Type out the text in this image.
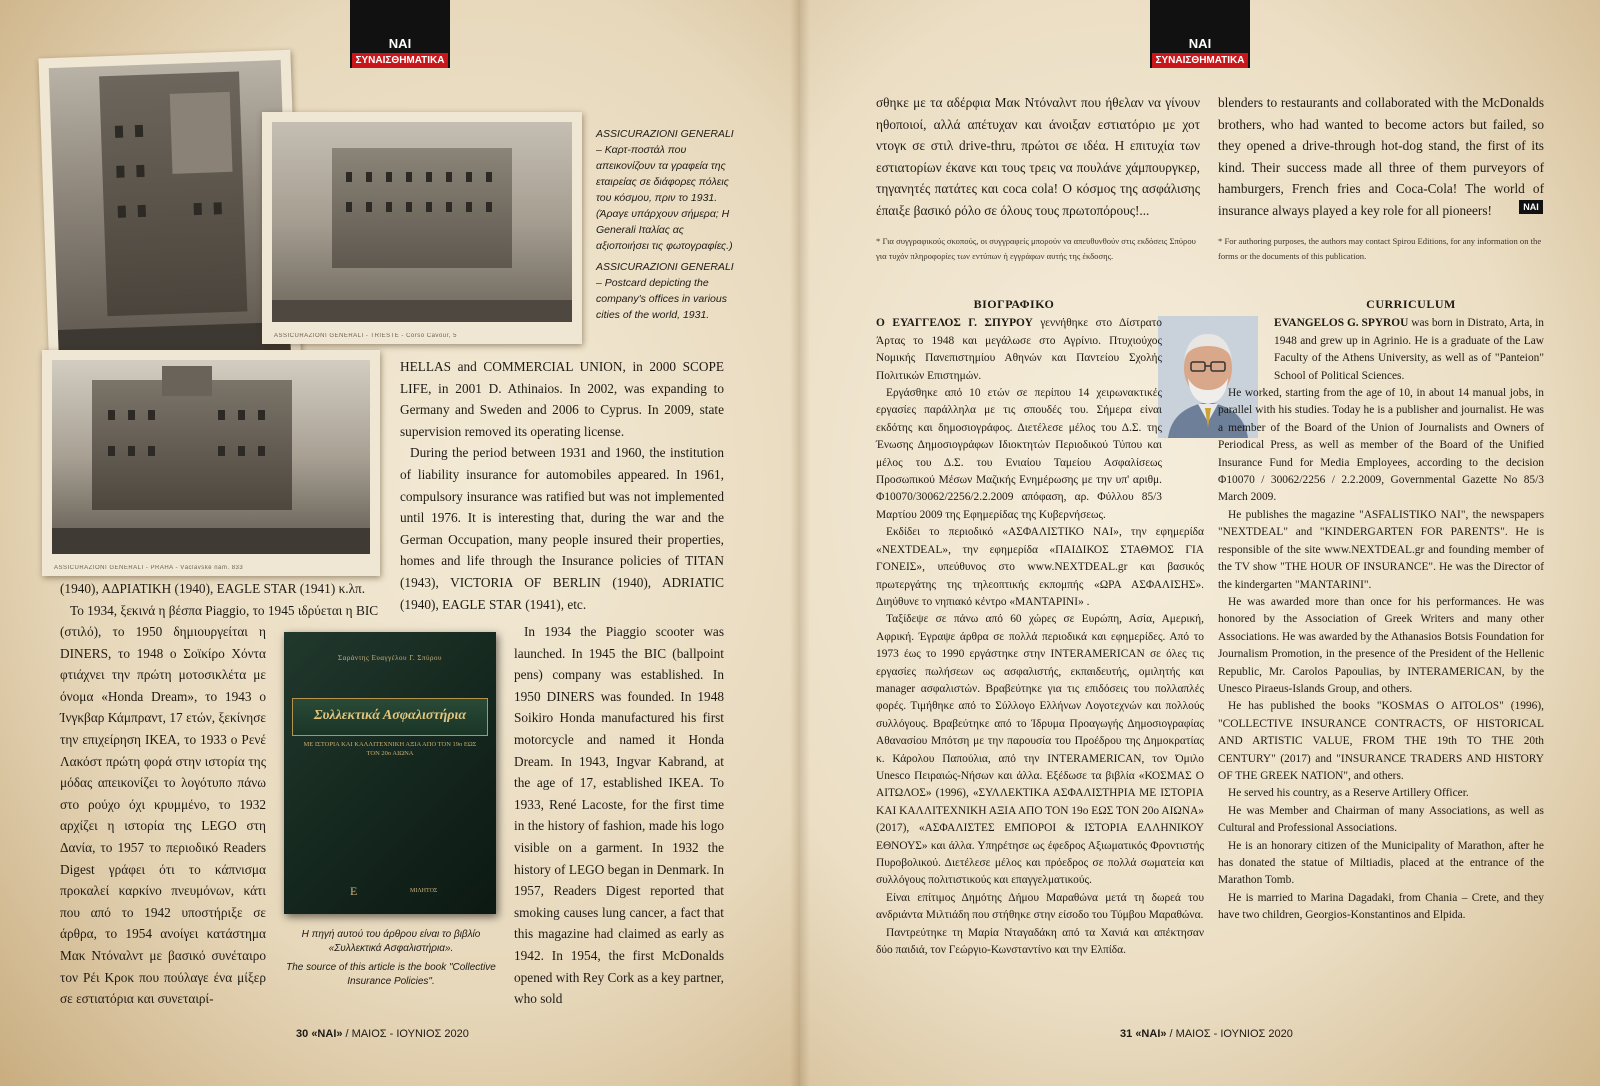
NAI
ΣΥΝΑΙΣΘΗΜΑΤΙΚΑ
ASSICURAZIONI GENERALI - TRIESTE - Corso Cavour, 5
ASSICURAZIONI GENERALI - PRAHA - Václavské nám. 833

ASSICURAZIONI GENERALI – Καρτ-ποστάλ που απεικονίζουν τα γραφεία της εταιρείας σε διάφορες πόλεις του κόσμου, πριν το 1931. (Άραγε υπάρχουν σήμερα; Η Generali Ιταλίας ας αξιοποιήσει τις φωτογραφίες.)

ASSICURAZIONI GENERALI – Postcard depicting the company's offices in various cities of the world, 1931.

HELLAS and COMMERCIAL UNION, in 2000 SCOPE LIFE, in 2001 D. Athinaios. In 2002, was expanding to Germany and Sweden and 2006 to Cyprus. In 2009, state supervision removed its operating license.

During the period between 1931 and 1960, the institution of liability insurance for automobiles appeared. In 1961, compulsory insurance was ratified but was not implemented until 1976. It is interesting that, during the war and the German Occupation, many people insured their properties, homes and life through the Insurance policies of TITAN (1943), VICTORIA OF BERLIN (1940), ADRIATIC (1940), EAGLE STAR (1941), etc.

(1940), ΑΔΡΙΑΤΙΚΗ (1940), EAGLE STAR (1941) κ.λπ.

Το 1934, ξεκινά η βέσπα Piaggio, το 1945 ιδρύεται η BIC

(στιλό), το 1950 δημιουργείται η DINERS, το 1948 ο Σοϊκίρο Χόντα φτιάχνει την πρώτη μοτοσικλέτα με όνομα «Honda Dream», το 1943 ο Ίνγκβαρ Κάμπραντ, 17 ετών, ξεκίνησε την επιχείρηση ΙΚΕΑ, το 1933 ο Ρενέ Λακόστ πρώτη φορά στην ιστορία της μόδας απεικονίζει το λογότυπο πάνω στο ρούχο όχι κρυμμένο, το 1932 αρχίζει η ιστορία της LEGO στη Δανία, το 1957 το περιοδικό Readers Digest γράφει ότι το κάπνισμα προκαλεί καρκίνο πνευμόνων, κάτι που από το 1942 υποστήριξε σε άρθρα, το 1954 ανοίγει κατάστημα Μακ Ντόναλντ με βασικό συνέταιρο τον Ρέι Κροκ που πούλαγε ένα μίξερ σε εστιατόρια και συνεταιρί-

Σαράντης Ευαγγέλου Γ. Σπύρου
Συλλεκτικά Ασφαλιστήρια
ΜΕ ΙΣΤΟΡΙΑ ΚΑΙ ΚΑΛΛΙΤΕΧΝΙΚΗ ΑΞΙΑ ΑΠΟ ΤΟΝ 19ο ΕΩΣ ΤΟΝ 20ο ΑΙΩΝΑ
Ε	ΜΙΛΗΤΟΣ

Η πηγή αυτού του άρθρου είναι το βιβλίο «Συλλεκτικά Ασφαλιστήρια».

The source of this article is the book "Collective Insurance Policies".

In 1934 the Piaggio scooter was launched. In 1945 the BIC (ballpoint pens) company was established. In 1950 DINERS was founded. In 1948 Soikiro Honda manufactured his first motorcycle and named it Honda Dream. In 1943, Ingvar Kabrand, at the age of 17, established IKEA. To 1933, René Lacoste, for the first time in the history of fashion, made his logo visible on a garment. In 1932 the history of LEGO began in Denmark. In 1957, Readers Digest reported that smoking causes lung cancer, a fact that this magazine had claimed as early as 1942. In 1954, the first McDonalds opened with Rey Cork as a key partner, who sold

30 «NAI» / ΜΑΙΟΣ - ΙΟΥΝΙΟΣ 2020
NAI
ΣΥΝΑΙΣΘΗΜΑΤΙΚΑ
31 «NAI» / ΜΑΙΟΣ - ΙΟΥΝΙΟΣ 2020

σθηκε με τα αδέρφια Μακ Ντόναλντ που ήθελαν να γίνουν ηθοποιοί, αλλά απέτυχαν και άνοιξαν εστιατόριο με χοτ ντογκ σε στιλ drive-thru, πρώτοι σε ιδέα. Η επιτυχία των εστιατορίων έκανε και τους τρεις να πουλάνε χάμπουργκερ, τηγανητές πατάτες και coca cola! Ο κόσμος της ασφάλισης έπαιξε βασικό ρόλο σε όλους τους πρωτοπόρους!...

blenders to restaurants and collaborated with the McDonalds brothers, who had wanted to become actors but failed, so they opened a drive-through hot-dog stand, the first of its kind. Their success made all three of them purveyors of hamburgers, French fries and Coca-Cola! The world of insurance always played a key role for all pioneers!	NAI
* Για συγγραφικούς σκοπούς, οι συγγραφείς μπορούν να απευθυνθούν στις εκδόσεις Σπύρου για τυχόν πληροφορίες των εντύπων ή εγγράφων αυτής της έκδοσης.
* For authoring purposes, the authors may contact Spirou Editions, for any information on the forms or the documents of this publication.
ΒΙΟΓΡΑΦΙΚΟ

Ο ΕΥΑΓΓΕΛΟΣ Γ. ΣΠΥΡΟΥ γεννήθηκε στο Δίστρατο Άρτας το 1948 και μεγάλωσε στο Αγρίνιο. Πτυχιούχος Νομικής Πανεπιστημίου Αθηνών και Παντείου Σχολής Πολιτικών Επιστημών.

Εργάσθηκε από 10 ετών σε περίπου 14 χειρωνακτικές εργασίες παράλληλα με τις σπουδές του. Σήμερα είναι εκδότης και δημοσιογράφος. Διετέλεσε μέλος του Δ.Σ. της Ένωσης Δημοσιογράφων Ιδιοκτητών Περιοδικού Τύπου και μέλος του Δ.Σ. του Ενιαίου Ταμείου Ασφαλίσεως Προσωπικού Μέσων Μαζικής Ενημέρωσης με την υπ' αριθμ. Φ10070/30062/2256/2.2.2009 απόφαση, αρ. Φύλλου 85/3 Μαρτίου 2009 της Εφημερίδας της Κυβερνήσεως.

Εκδίδει το περιοδικό «ΑΣΦΑΛΙΣΤΙΚΟ ΝΑΙ», την εφημερίδα «NEXTDEAL», την εφημερίδα «ΠΑΙΔΙΚΟΣ ΣΤΑΘΜΟΣ ΓΙΑ ΓΟΝΕΙΣ», υπεύθυνος στο www.NEXTDEAL.gr και βασικός πρωτεργάτης της τηλεοπτικής εκπομπής «ΩΡΑ ΑΣΦΑΛΙΣΗΣ». Διηύθυνε το νηπιακό κέντρο «ΜΑΝΤΑΡΙΝΙ» .

Ταξίδεψε σε πάνω από 60 χώρες σε Ευρώπη, Ασία, Αμερική, Αφρική. Έγραψε άρθρα σε πολλά περιοδικά και εφημερίδες. Από το 1973 έως το 1990 εργάστηκε στην INTERAMERICAN σε όλες τις εργασίες πωλήσεων ως ασφαλιστής, εκπαιδευτής, ομιλητής και manager ασφαλιστών. Βραβεύτηκε για τις επιδόσεις του πολλαπλές φορές. Τιμήθηκε από το Σύλλογο Ελλήνων Λογοτεχνών και πολλούς συλλόγους. Βραβεύτηκε από το Ίδρυμα Προαγωγής Δημοσιογραφίας Αθανασίου Μπότση με την παρουσία του Προέδρου της Δημοκρατίας κ. Κάρολου Παπούλια, από την INTERAMERICAN, τον Όμιλο Unesco Πειραιώς-Νήσων και άλλα. Εξέδωσε τα βιβλία «ΚΟΣΜΑΣ Ο ΑΙΤΩΛΟΣ» (1996), «ΣΥΛΛΕΚΤΙΚΑ ΑΣΦΑΛΙΣΤΗΡΙΑ ΜΕ ΙΣΤΟΡΙΑ ΚΑΙ ΚΑΛΛΙΤΕΧΝΙΚΗ ΑΞΙΑ ΑΠΟ ΤΟΝ 19ο ΕΩΣ ΤΟΝ 20ο ΑΙΩΝΑ» (2017), «ΑΣΦΑΛΙΣΤΕΣ ΕΜΠΟΡΟΙ & ΙΣΤΟΡΙΑ ΕΛΛΗΝΙΚΟΥ ΕΘΝΟΥΣ» και άλλα. Υπηρέτησε ως έφεδρος Αξιωματικός Φροντιστής Πυροβολικού. Διετέλεσε μέλος και πρόεδρος σε πολλά σωματεία και συλλόγους πολιτιστικούς και επαγγελματικούς.

Είναι επίτιμος Δημότης Δήμου Μαραθώνα μετά τη δωρεά του ανδριάντα Μιλτιάδη που στήθηκε στην είσοδο του Τύμβου Μαραθώνα.

Παντρεύτηκε τη Μαρία Νταγαδάκη από τα Χανιά και απέκτησαν δύο παιδιά, τον Γεώργιο-Κωνσταντίνο και την Ελπίδα.

CURRICULUM

EVANGELOS G. SPYROU was born in Distrato, Arta, in 1948 and grew up in Agrinio. He is a graduate of the Law Faculty of the Athens University, as well as of "Panteion" School of Political Sciences.

He worked, starting from the age of 10, in about 14 manual jobs, in parallel with his studies. Today he is a publisher and journalist. He was a member of the Board of the Union of Journalists and Owners of Periodical Press, as well as member of the Board of the Unified Insurance Fund for Media Employees, according to the decision Φ10070 / 30062/2256 / 2.2.2009, Governmental Gazette No 85/3 March 2009.

He publishes the magazine "ASFALISTIKO NAI", the newspapers "NEXTDEAL" and "KINDERGARTEN FOR PARENTS". He is responsible of the site www.NEXTDEAL.gr and founding member of the TV show "THE HOUR OF INSURANCE". He was the Director of the kindergarten "MANTARINI".

He was awarded more than once for his performances. He was honored by the Association of Greek Writers and many other Associations. He was awarded by the Athanasios Botsis Foundation for Journalism Promotion, in the presence of the President of the Hellenic Republic, Mr. Carolos Papoulias, by INTERAMERICAN, by the Unesco Piraeus-Islands Group, and others.

He has published the books "KOSMAS O AITOLOS" (1996), "COLLECTIVE INSURANCE CONTRACTS, OF HISTORICAL AND ARTISTIC VALUE, FROM THE 19th TO THE 20th CENTURY" (2017) and "INSURANCE TRADERS AND HISTORY OF THE GREEK NATION", and others.

He served his country, as a Reserve Artillery Officer.

He was Member and Chairman of many Associations, as well as Cultural and Professional Associations.

He is an honorary citizen of the Municipality of Marathon, after he has donated the statue of Miltiadis, placed at the entrance of the Marathon Tomb.

He is married to Marina Dagadaki, from Chania – Crete, and they have two children, Georgios-Konstantinos and Elpida.
